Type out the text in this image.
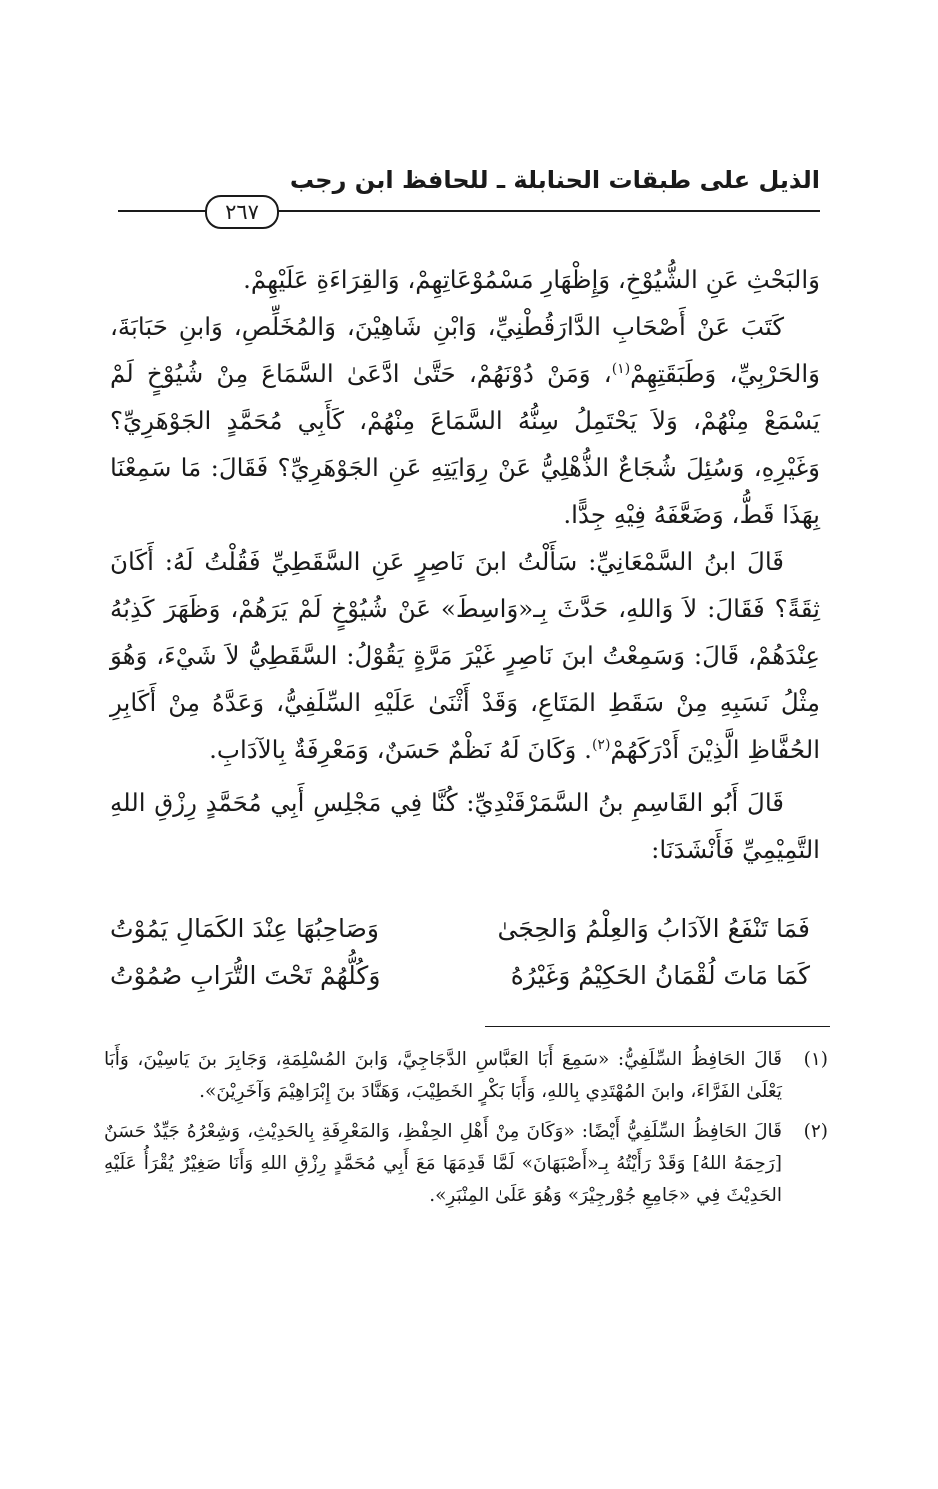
الذيل على طبقات الحنابلة ـ للحافظ ابن رجب
٢٦٧

وَالبَحْثِ عَنِ الشُّيُوْخِ، وَإِظْهَارِ مَسْمُوْعَاتِهِمْ، وَالقِرَاءَةِ عَلَيْهِمْ.

كَتَبَ عَنْ أَصْحَابِ الدَّارَقُطْنِيِّ، وَابْنِ شَاهِيْنَ، وَالمُخَلِّصِ، وَابنِ حَبَابَةَ، وَالحَرْبِيِّ، وَطَبَقَتِهِمْ$^{(١)}$، وَمَنْ دُوْنَهُمْ، حَتَّىٰ ادَّعَىٰ السَّمَاعَ مِنْ شُيُوْخٍ لَمْ يَسْمَعْ مِنْهُمْ، وَلاَ يَحْتَمِلُ سِنُّهُ السَّمَاعَ مِنْهُمْ، كَأَبِي مُحَمَّدٍ الجَوْهَرِيِّ؟ وَغَيْرِهِ، وَسُئِلَ شُجَاعٌ الذُّهْلِيُّ عَنْ رِوَايَتِهِ عَنِ الجَوْهَرِيِّ؟ فَقَالَ: مَا سَمِعْنَا بِهَذَا قَطُّ، وَضَعَّفَهُ فِيْهِ جِدًّا.

قَالَ ابنُ السَّمْعَانِيِّ: سَأَلْتُ ابنَ نَاصِرٍ عَنِ السَّقَطِيِّ فَقُلْتُ لَهُ: أَكَانَ ثِقَةً؟ فَقَالَ: لاَ وَاللهِ، حَدَّثَ بِـ«وَاسِطَ» عَنْ شُيُوْخٍ لَمْ يَرَهُمْ، وَظَهَرَ كَذِبُهُ عِنْدَهُمْ، قَالَ: وَسَمِعْتُ ابنَ نَاصِرٍ غَيْرَ مَرَّةٍ يَقُوْلُ: السَّقَطِيُّ لاَ شَيْءَ، وَهُوَ مِثْلُ نَسَبِهِ مِنْ سَقَطِ المَتَاعِ، وَقَدْ أَثْنَىٰ عَلَيْهِ السِّلَفِيُّ، وَعَدَّهُ مِنْ أَكَابِرِ الحُفَّاظِ الَّذِيْنَ أَدْرَكَهُمْ$^{(٢)}$. وَكَانَ لَهُ نَظْمٌ حَسَنٌ، وَمَعْرِفَةٌ بِالآدَابِ.

قَالَ أَبُو القَاسِمِ بنُ السَّمَرْقَنْدِيِّ: كُنَّا فِي مَجْلِسِ أَبِي مُحَمَّدٍ رِزْقِ اللهِ التَّمِيْمِيِّ فَأَنْشَدَنَا:

فَمَا تَنْفَعُ الآدَابُ وَالعِلْمُ وَالحِجَىٰ
وَصَاحِبُهَا عِنْدَ الكَمَالِ يَمُوْتُ
كَمَا مَاتَ لُقْمَانُ الحَكِيْمُ وَغَيْرُهُ
وَكُلُّهُمْ تَحْتَ التُّرَابِ صُمُوْتُ
(١)
قَالَ الحَافِظُ السِّلَفِيُّ: «سَمِعَ أَبَا العَبَّاسِ الدَّجَاجِيَّ، وَابنَ المُسْلِمَةِ، وَجَابِرَ بنَ يَاسِيْنَ، وَأَبَا يَعْلَىٰ الفَرَّاءَ، وابنَ المُهْتَدِي بِاللهِ، وَأَبَا بَكْرٍ الخَطِيْبَ، وَهَنَّادَ بنَ إِبْرَاهِيْمَ وَآخَرِيْنَ».
(٢)
قَالَ الحَافِظُ السِّلَفِيُّ أَيْضًا: «وَكَانَ مِنْ أَهْلِ الحِفْظِ، وَالمَعْرِفَةِ بِالحَدِيْثِ، وَشِعْرُهُ جَيِّدٌ حَسَنٌ [رَحِمَهُ اللهُ] وَقَدْ رَأَيْتُهُ بِـ«أَصْبَهَانَ» لَمَّا قَدِمَهَا مَعَ أَبِي مُحَمَّدٍ رِزْقِ اللهِ وَأَنَا صَغِيْرٌ يُقْرَأُ عَلَيْهِ الحَدِيْثَ فِي «جَامِعِ جُوْرجِيْرَ» وَهُوَ عَلَىٰ المِنْبَرِ».
